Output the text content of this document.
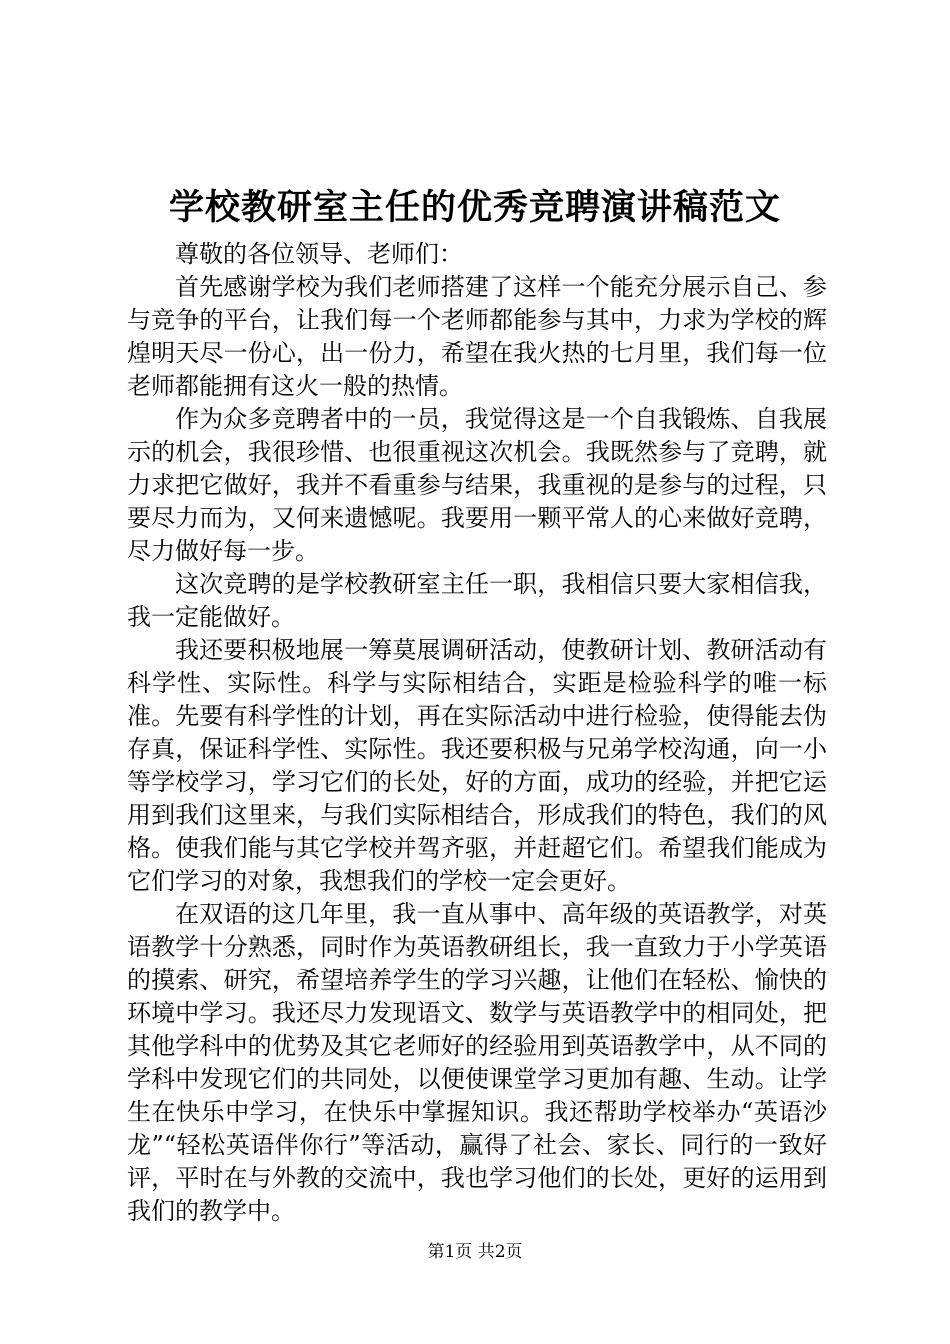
学校教研室主任的优秀竞聘演讲稿范文

尊敬的各位领导、老师们：

首先感谢学校为我们老师搭建了这样一个能充分展示自己、参与竞争的平台，让我们每一个老师都能参与其中，力求为学校的辉煌明天尽一份心，出一份力，希望在我火热的七月里，我们每一位老师都能拥有这火一般的热情。

作为众多竞聘者中的一员，我觉得这是一个自我锻炼、自我展示的机会，我很珍惜、也很重视这次机会。我既然参与了竞聘，就力求把它做好，我并不看重参与结果，我重视的是参与的过程，只要尽力而为，又何来遗憾呢。我要用一颗平常人的心来做好竞聘，尽力做好每一步。

这次竞聘的是学校教研室主任一职，我相信只要大家相信我，我一定能做好。

我还要积极地展一筹莫展调研活动，使教研计划、教研活动有科学性、实际性。科学与实际相结合，实距是检验科学的唯一标准。先要有科学性的计划，再在实际活动中进行检验，使得能去伪存真，保证科学性、实际性。我还要积极与兄弟学校沟通，向一小等学校学习，学习它们的长处，好的方面，成功的经验，并把它运用到我们这里来，与我们实际相结合，形成我们的特色，我们的风格。使我们能与其它学校并驾齐驱，并赶超它们。希望我们能成为它们学习的对象，我想我们的学校一定会更好。

在双语的这几年里，我一直从事中、高年级的英语教学，对英语教学十分熟悉，同时作为英语教研组长，我一直致力于小学英语的摸索、研究，希望培养学生的学习兴趣，让他们在轻松、愉快的环境中学习。我还尽力发现语文、数学与英语教学中的相同处，把其他学科中的优势及其它老师好的经验用到英语教学中，从不同的学科中发现它们的共同处，以便使课堂学习更加有趣、生动。让学生在快乐中学习，在快乐中掌握知识。我还帮助学校举办“英语沙龙”“轻松英语伴你行”等活动，赢得了社会、家长、同行的一致好评，平时在与外教的交流中，我也学习他们的长处，更好的运用到我们的教学中。

第1页 共2页
